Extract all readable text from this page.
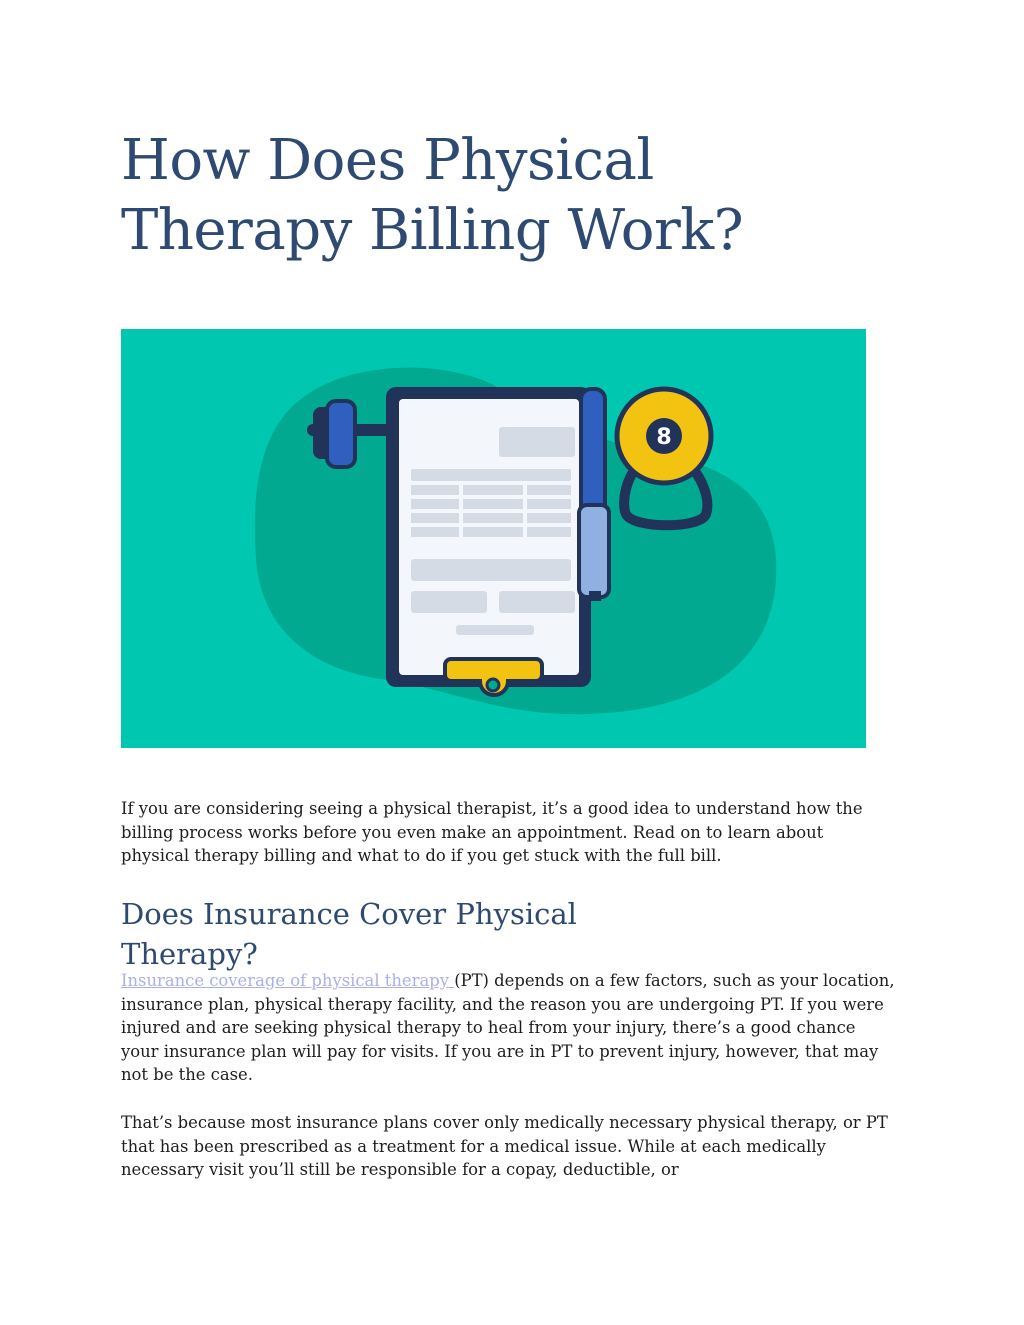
How Does Physical Therapy Billing Work?
8

If you are considering seeing a physical therapist, it’s a good idea to understand how the billing process works before you even make an appointment. Read on to learn about physical therapy billing and what to do if you get stuck with the full bill.

Does Insurance Cover Physical Therapy?

Insurance coverage of physical therapy (PT) depends on a few factors, such as your location, insurance plan, physical therapy facility, and the reason you are undergoing PT. If you were injured and are seeking physical therapy to heal from your injury, there’s a good chance your insurance plan will pay for visits. If you are in PT to prevent injury, however, that may not be the case.

That’s because most insurance plans cover only medically necessary physical therapy, or PT that has been prescribed as a treatment for a medical issue. While at each medically necessary visit you’ll still be responsible for a copay, deductible, or
